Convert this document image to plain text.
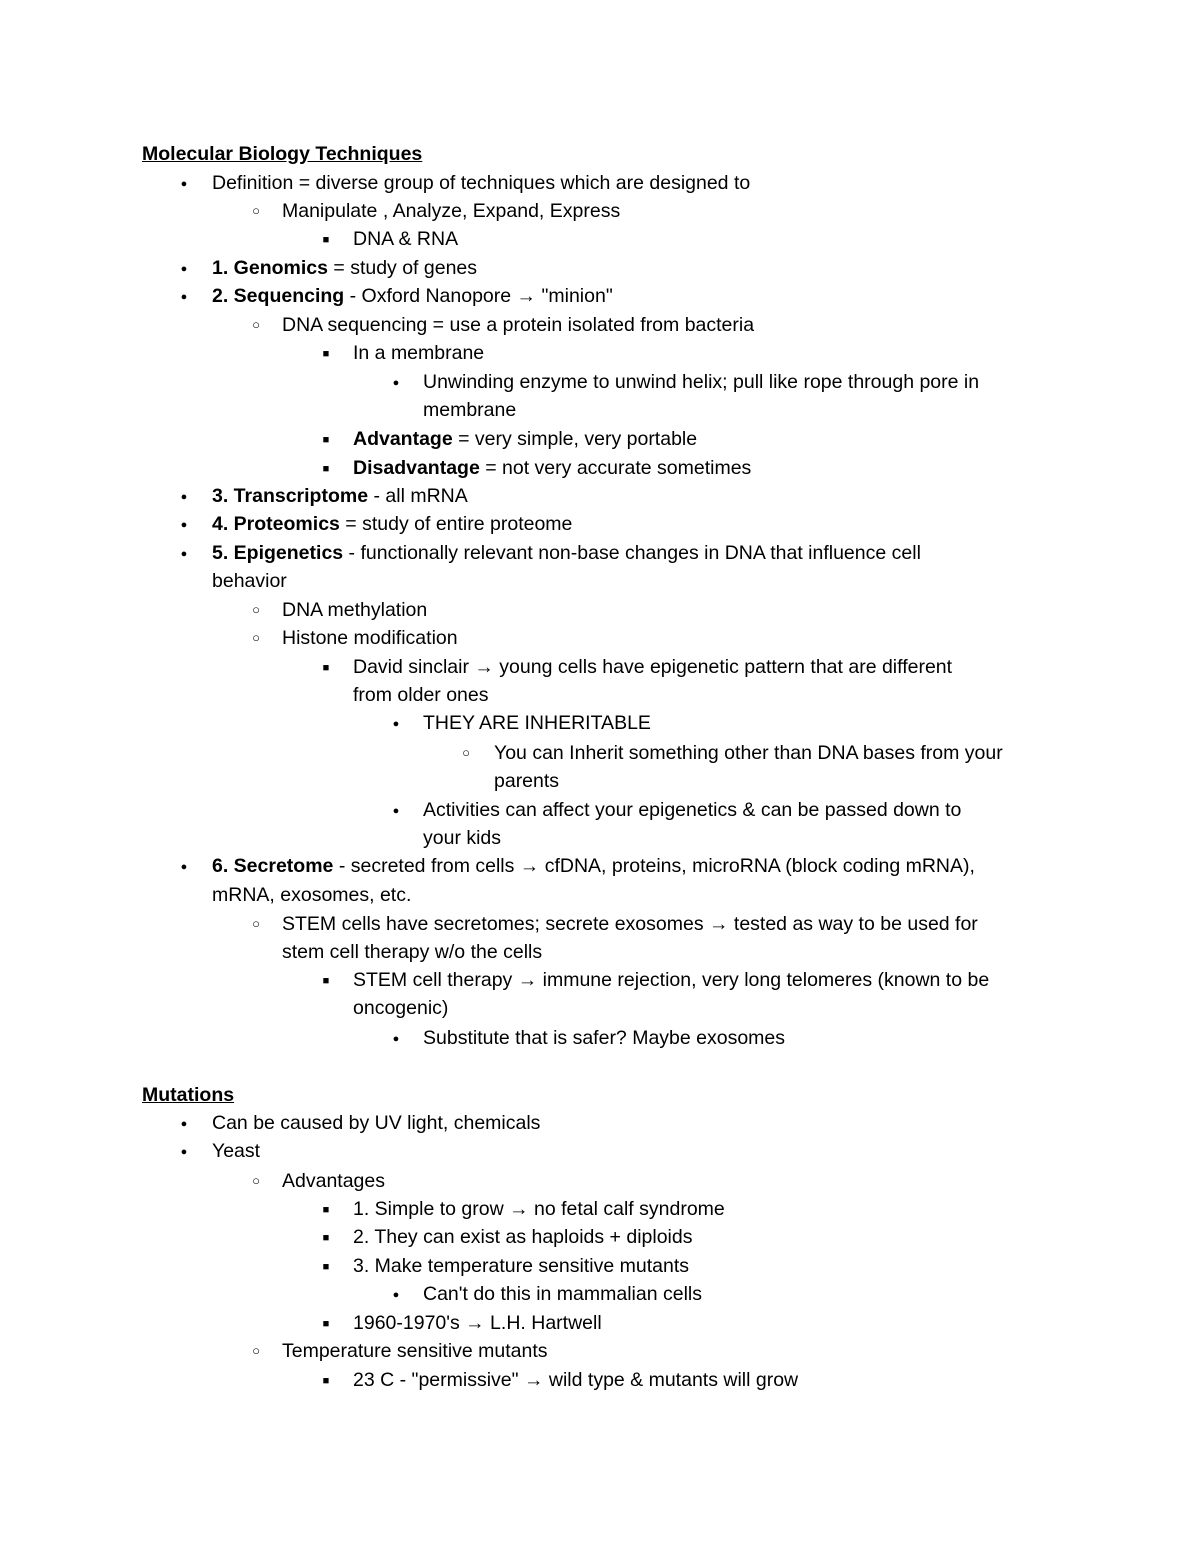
Molecular Biology Techniques
●
Definition = diverse group of techniques which are designed to
○
Manipulate , Analyze, Expand, Express
■
DNA & RNA
●
1. Genomics = study of genes
●
2. Sequencing - Oxford Nanopore → "minion"
○
DNA sequencing = use a protein isolated from bacteria
■
In a membrane
●
Unwinding enzyme to unwind helix; pull like rope through pore in
membrane
■
Advantage = very simple, very portable
■
Disadvantage = not very accurate sometimes
●
3. Transcriptome - all mRNA
●
4. Proteomics = study of entire proteome
●
5. Epigenetics - functionally relevant non-base changes in DNA that influence cell
behavior
○
DNA methylation
○
Histone modification
■
David sinclair → young cells have epigenetic pattern that are different
from older ones
●
THEY ARE INHERITABLE
○
You can Inherit something other than DNA bases from your
parents
●
Activities can affect your epigenetics & can be passed down to
your kids
●
6. Secretome - secreted from cells → cfDNA, proteins, microRNA (block coding mRNA),
mRNA, exosomes, etc.
○
STEM cells have secretomes; secrete exosomes → tested as way to be used for
stem cell therapy w/o the cells
■
STEM cell therapy → immune rejection, very long telomeres (known to be
oncogenic)
●
Substitute that is safer? Maybe exosomes
Mutations
●
Can be caused by UV light, chemicals
●
Yeast
○
Advantages
■
1. Simple to grow → no fetal calf syndrome
■
2. They can exist as haploids + diploids
■
3. Make temperature sensitive mutants
●
Can't do this in mammalian cells
■
1960-1970's → L.H. Hartwell
○
Temperature sensitive mutants
■
23 C - "permissive" → wild type & mutants will grow
